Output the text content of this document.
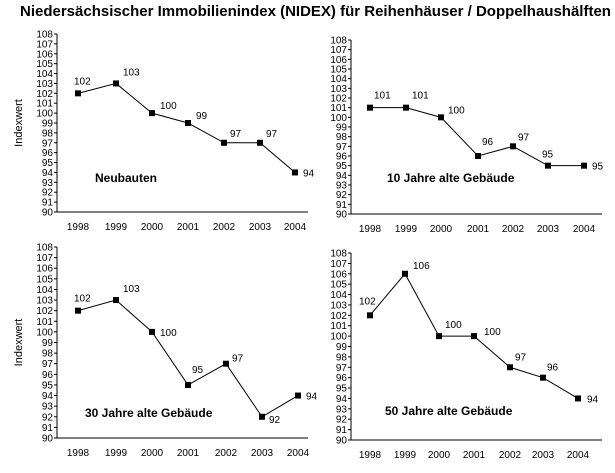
Niedersächsischer Immobilienindex (NIDEX) für Reihenhäuser / Doppelhaushälften
90
91
92
93
94
95
96
97
98
99
100
101
102
103
104
105
106
107
108
1998 1999 2000 2001 2002 2003 2004
Indexwert
102
103
100
99
97 97
94
Neubauten
90
91
92
93
94
95
96
97
98
99
100
101
102
103
104
105
106
107
108
1998 1999 2000 2001 2002 2003 2004
101 101
100
96 97
95
95
10 Jahre alte Gebäude
90
91
92
93
94
95
96
97
98
99
100
101
102
103
104
105
106
107
108
1998 1999 2000 2001 2002 2003 2004
Indexwert
102
103
100
95
97
92
94
30 Jahre alte Gebäude
90
91
92
93
94
95
96
97
98
99
100
101
102
103
104
105
106
107
108
1998 1999 2000 2001 2002 2003 2004
102
106
100
100
97
96
94
50 Jahre alte Gebäude
